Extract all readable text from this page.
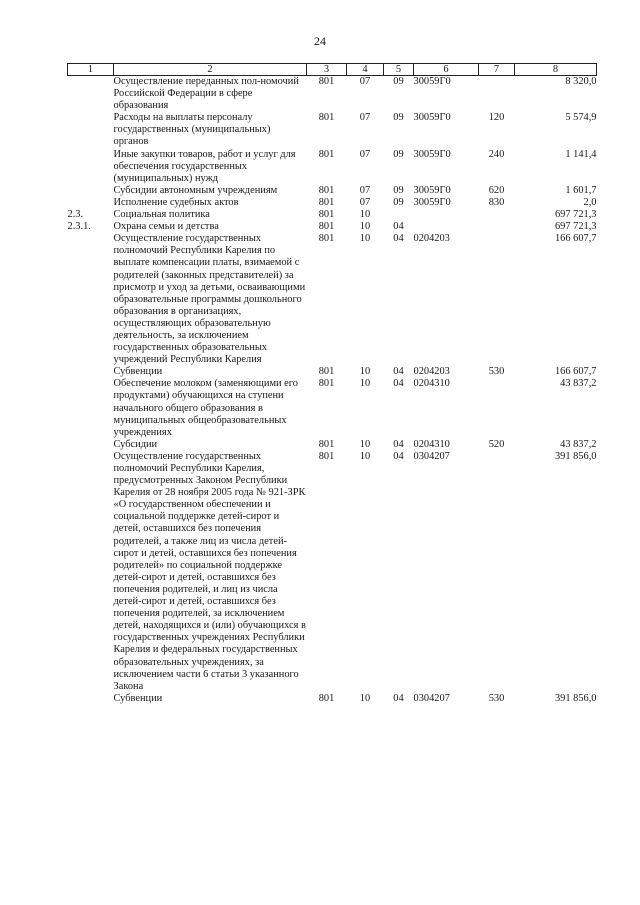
24
1	2	3	4	5	6	7	8
	Осуществление переданных пол-номочий Российской Федерации в сфере образования	801	07	09	30059Г0		8 320,0
	Расходы на выплаты персоналу государственных (муниципальных) органов	801	07	09	30059Г0	120	5 574,9
	Иные закупки товаров, работ и услуг для обеспечения государственных (муниципальных) нужд	801	07	09	30059Г0	240	1 141,4
	Субсидии автономным учреждениям	801	07	09	30059Г0	620	1 601,7
	Исполнение судебных актов	801	07	09	30059Г0	830	2,0
2.3.	Социальная политика	801	10				697 721,3
2.3.1.	Охрана семьи и детства	801	10	04			697 721,3
	Осуществление государственных полномочий Республики Карелия по выплате компенсации платы, взимаемой с родителей (законных представителей) за присмотр и уход за детьми, осваивающими образовательные программы дошкольного образования в организациях, осуществляющих образовательную деятельность, за исключением государственных образовательных учреждений Республики Карелия	801	10	04	0204203		166 607,7
	Субвенции	801	10	04	0204203	530	166 607,7
	Обеспечение молоком (заменяющими его продуктами) обучающихся на ступени начального общего образования в муниципальных общеобразовательных учреждениях	801	10	04	0204310		43 837,2
	Субсидии	801	10	04	0204310	520	43 837,2
	Осуществление государственных полномочий Республики Карелия, предусмотренных Законом Республики Карелия от 28 ноября 2005 года № 921-ЗРК «О государственном обеспечении и социальной поддержке детей-сирот и детей, оставшихся без попечения родителей, а также лиц из числа детей-сирот и детей, оставшихся без попечения родителей» по социальной поддержке детей-сирот и детей, оставшихся без попечения родителей, и лиц из числа детей-сирот и детей, оставшихся без попечения родителей, за исключением детей, находящихся и (или) обучающихся в государственных учреждениях Республики Карелия и федеральных государственных образовательных учреждениях, за исключением части 6 статьи 3 указанного Закона	801	10	04	0304207		391 856,0
	Субвенции	801	10	04	0304207	530	391 856,0
